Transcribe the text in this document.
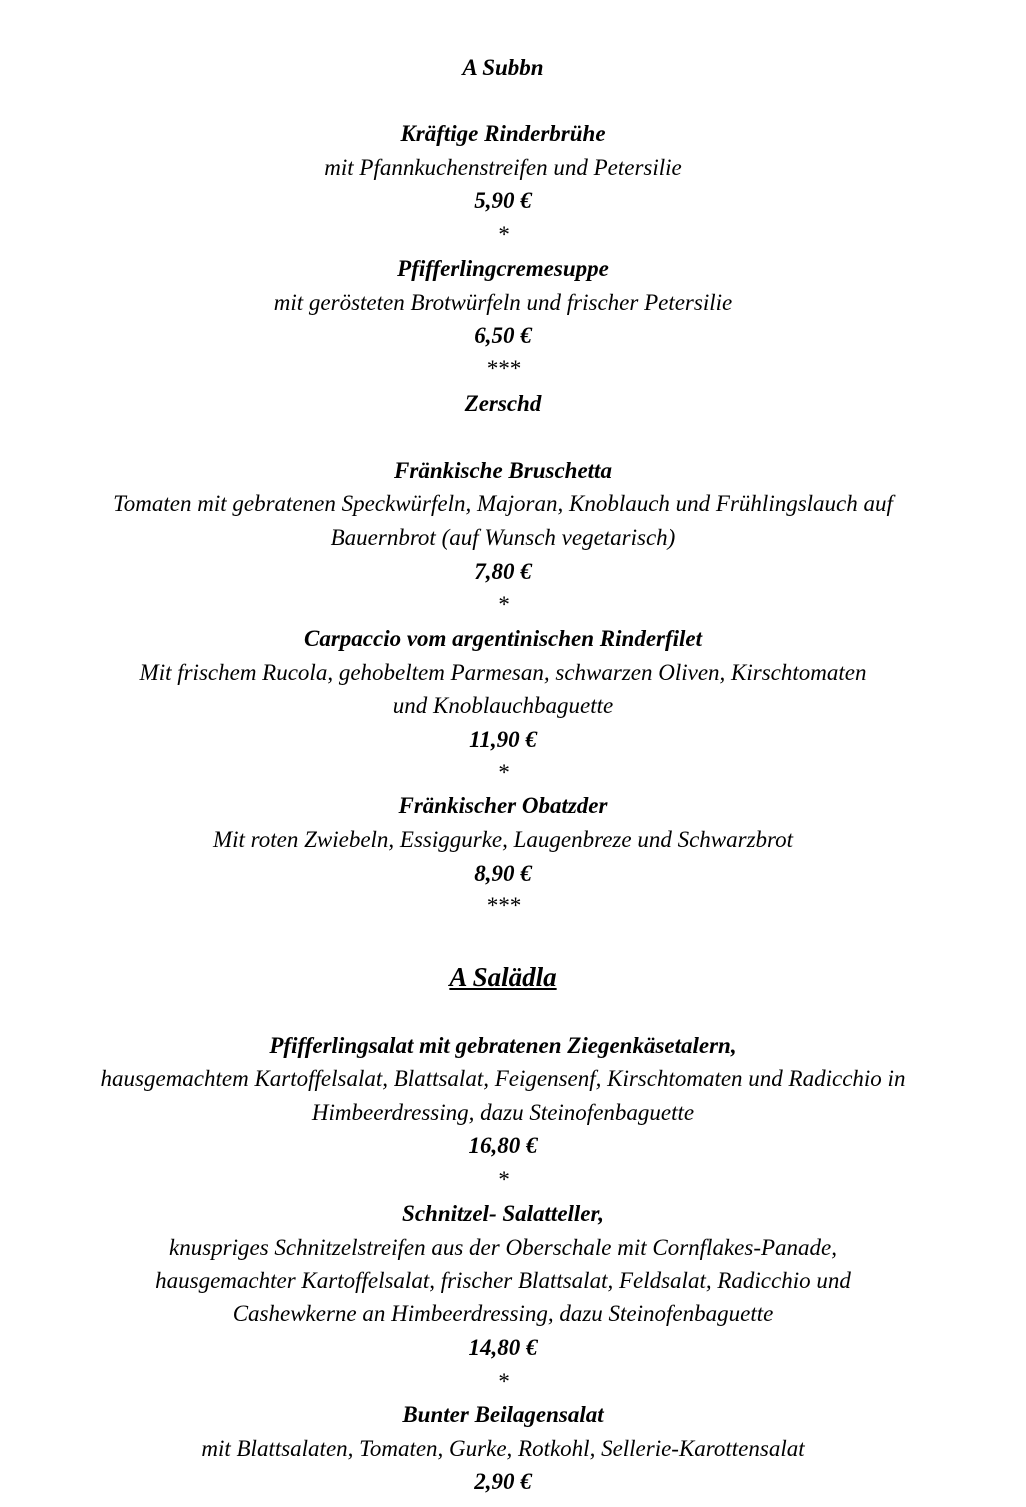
A Subbn
Kräftige Rinderbrühe
mit Pfannkuchenstreifen und Petersilie
5,90 €
*
Pfifferlingcremesuppe
mit gerösteten Brotwürfeln und frischer Petersilie
6,50 €
***
Zerschd
Fränkische Bruschetta
Tomaten mit gebratenen Speckwürfeln, Majoran, Knoblauch und Frühlingslauch auf
Bauernbrot (auf Wunsch vegetarisch)
7,80 €
*
Carpaccio vom argentinischen Rinderfilet
Mit frischem Rucola, gehobeltem Parmesan, schwarzen Oliven, Kirschtomaten
und Knoblauchbaguette
11,90 €
*
Fränkischer Obatzder
Mit roten Zwiebeln, Essiggurke, Laugenbreze und Schwarzbrot
8,90 €
***
A Salädla
Pfifferlingsalat mit gebratenen Ziegenkäsetalern,
hausgemachtem Kartoffelsalat, Blattsalat, Feigensenf, Kirschtomaten und Radicchio in
Himbeerdressing, dazu Steinofenbaguette
16,80 €
*
Schnitzel- Salatteller,
knuspriges Schnitzelstreifen aus der Oberschale mit Cornflakes-Panade,
hausgemachter Kartoffelsalat, frischer Blattsalat, Feldsalat, Radicchio und
Cashewkerne an Himbeerdressing, dazu Steinofenbaguette
14,80 €
*
Bunter Beilagensalat
mit Blattsalaten, Tomaten, Gurke, Rotkohl, Sellerie-Karottensalat
2,90 €
